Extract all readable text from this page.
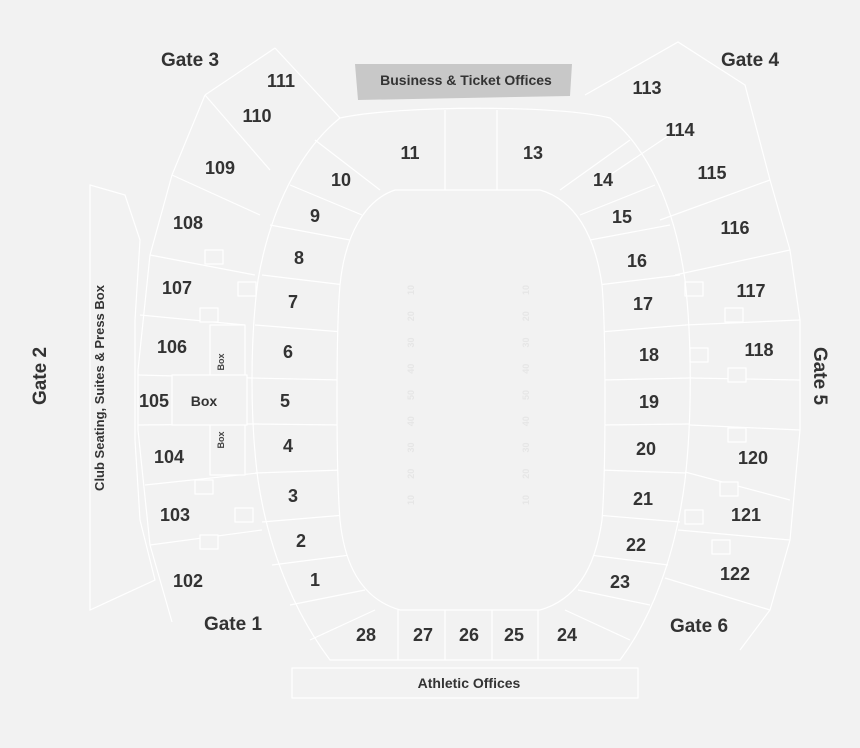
10
20
30
40
50
40
30
20
10
10
20
30
40
50
40
30
20
10
Business & Ticket Offices
Athletic Offices
Gate 3	Gate 4
Gate 1	Gate 6
Gate 2	Gate 5
Club Seating, Suites & Press Box	Box
Box
Box
1
2
3
4
5
6
7
8
9
10
11	13
14
15
16
17
18
19
20
21
22
23
24
25
26
27
28
102
103
104
105
106
107
108
109
110
111	113
114
115
116
117
118
120
121
122
